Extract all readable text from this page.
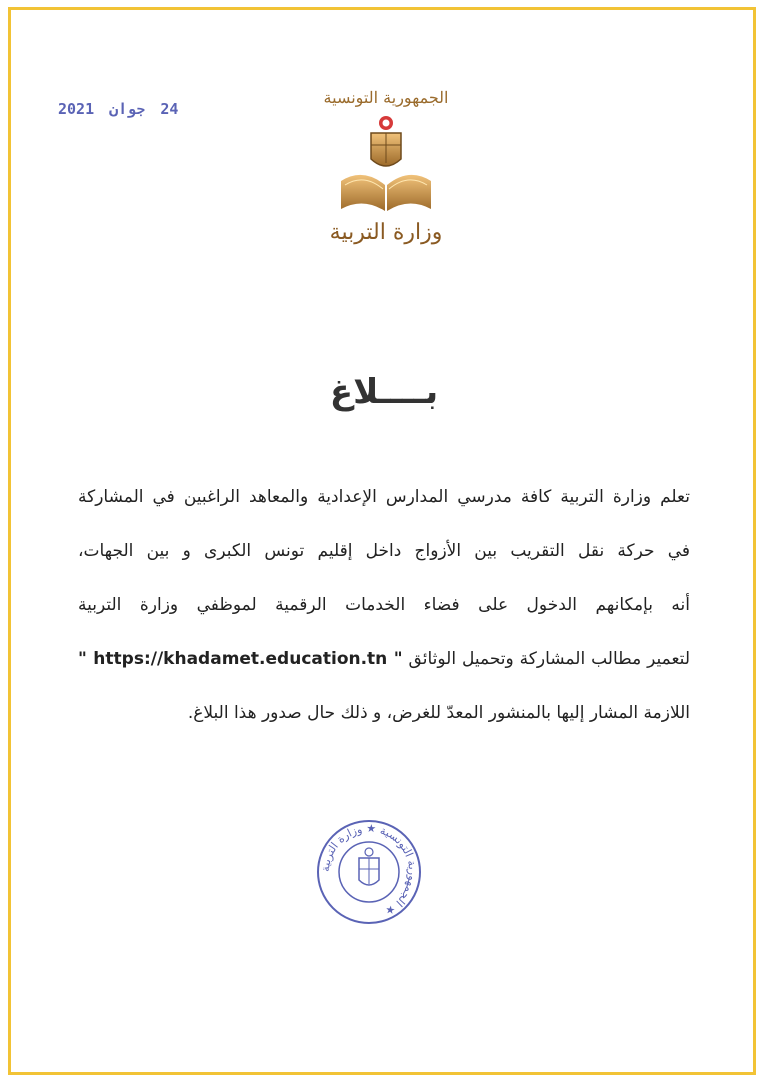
24 جوان 2021
الجمهورية التونسية
وزارة التربية
بــــلاغ

تعلم وزارة التربية كافة مدرسي المدارس الإعدادية والمعاهد الراغبين في المشاركة

في حركة نقل التقريب بين الأزواج داخل إقليم تونس الكبرى و بين الجهات،

أنه بإمكانهم الدخول على فضاء الخدمات الرقمية لموظفي وزارة التربية

لتعمير مطالب المشاركة وتحميل الوثائق " https://khadamet.education.tn "

اللازمة المشار إليها بالمنشور المعدّ للغرض، و ذلك حال صدور هذا البلاغ.

الجمهورية التونسية ★ وزارة التربية ★
